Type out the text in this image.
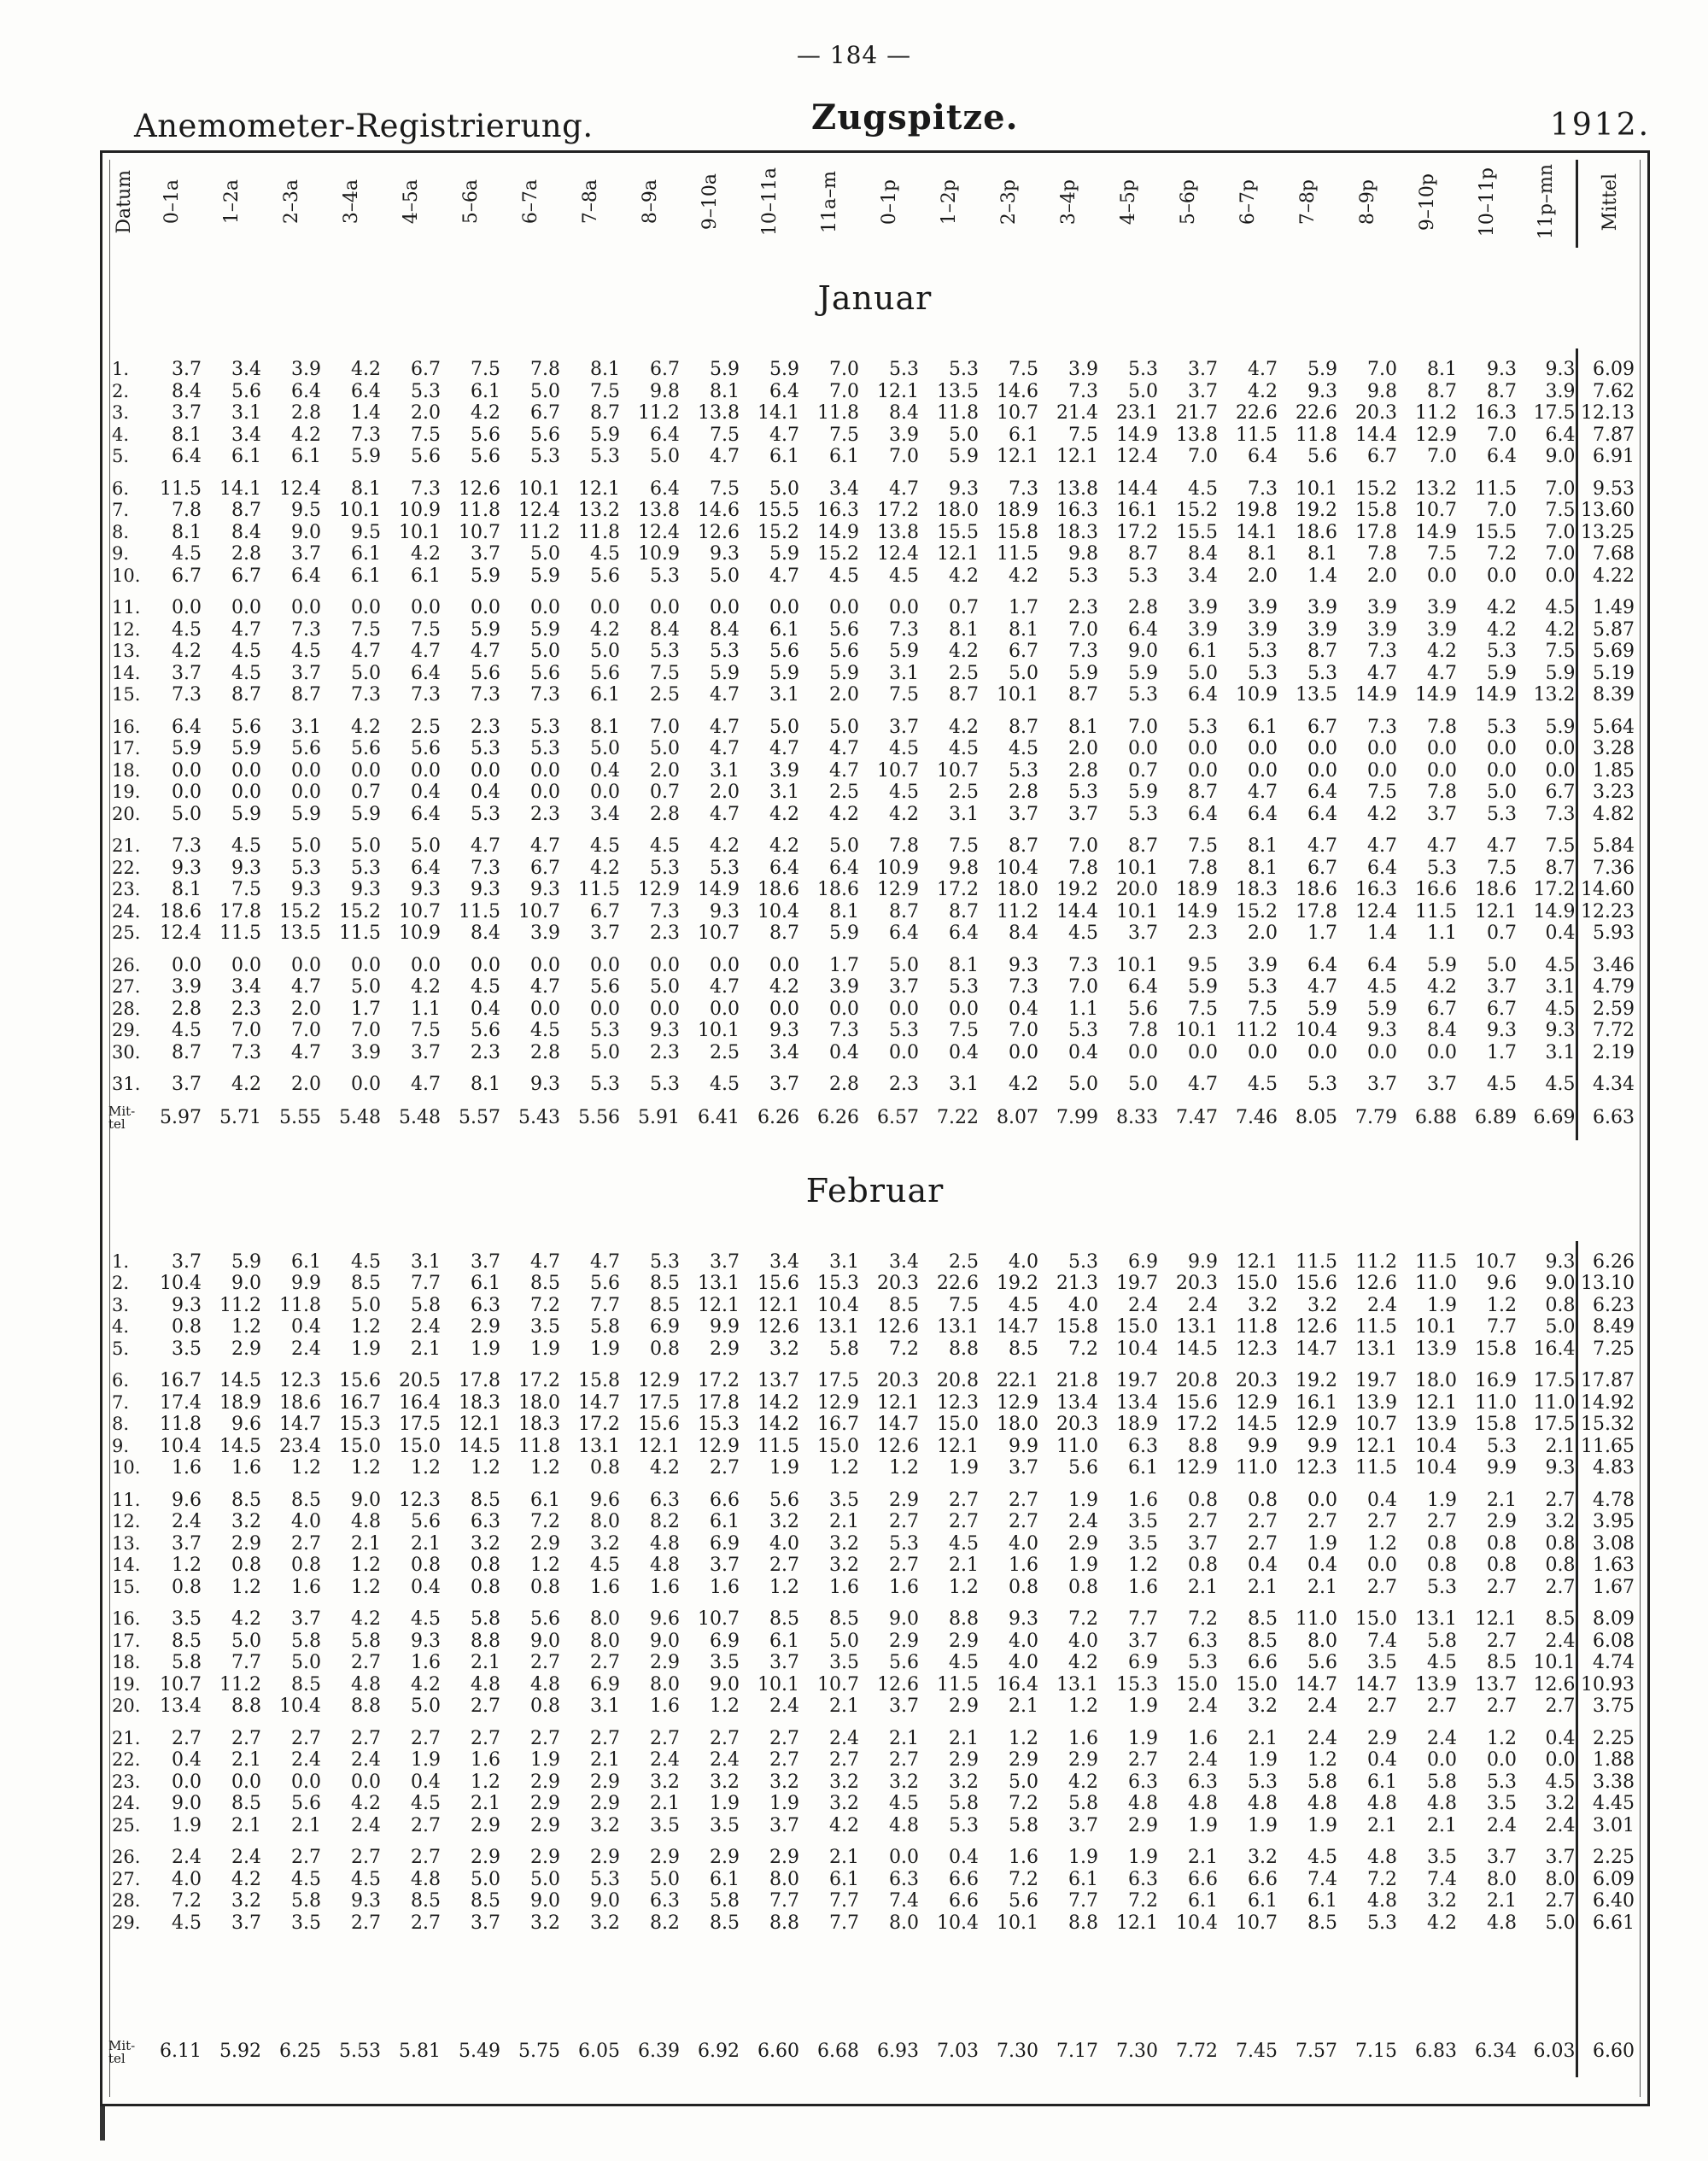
— 184 —
Anemometer-Registrierung.	Zugspitze.	1912.
Datum	0–1a	1–2a	2–3a	3–4a	4–5a	5–6a	6–7a	7–8a	8–9a	9–10a	10–11a	11a–m	0–1p	1–2p	2–3p	3–4p	4–5p	5–6p	6–7p	7–8p	8–9p	9–10p	10–11p	11p–mn	Mittel
Januar																									

1.	3.7	3.4	3.9	4.2	6.7	7.5	7.8	8.1	6.7	5.9	5.9	7.0	5.3	5.3	7.5	3.9	5.3	3.7	4.7	5.9	7.0	8.1	9.3	9.3	6.09
2.	8.4	5.6	6.4	6.4	5.3	6.1	5.0	7.5	9.8	8.1	6.4	7.0	12.1	13.5	14.6	7.3	5.0	3.7	4.2	9.3	9.8	8.7	8.7	3.9	7.62
3.	3.7	3.1	2.8	1.4	2.0	4.2	6.7	8.7	11.2	13.8	14.1	11.8	8.4	11.8	10.7	21.4	23.1	21.7	22.6	22.6	20.3	11.2	16.3	17.5	12.13
4.	8.1	3.4	4.2	7.3	7.5	5.6	5.6	5.9	6.4	7.5	4.7	7.5	3.9	5.0	6.1	7.5	14.9	13.8	11.5	11.8	14.4	12.9	7.0	6.4	7.87
5.	6.4	6.1	6.1	5.9	5.6	5.6	5.3	5.3	5.0	4.7	6.1	6.1	7.0	5.9	12.1	12.1	12.4	7.0	6.4	5.6	6.7	7.0	6.4	9.0	6.91
6.	11.5	14.1	12.4	8.1	7.3	12.6	10.1	12.1	6.4	7.5	5.0	3.4	4.7	9.3	7.3	13.8	14.4	4.5	7.3	10.1	15.2	13.2	11.5	7.0	9.53
7.	7.8	8.7	9.5	10.1	10.9	11.8	12.4	13.2	13.8	14.6	15.5	16.3	17.2	18.0	18.9	16.3	16.1	15.2	19.8	19.2	15.8	10.7	7.0	7.5	13.60
8.	8.1	8.4	9.0	9.5	10.1	10.7	11.2	11.8	12.4	12.6	15.2	14.9	13.8	15.5	15.8	18.3	17.2	15.5	14.1	18.6	17.8	14.9	15.5	7.0	13.25
9.	4.5	2.8	3.7	6.1	4.2	3.7	5.0	4.5	10.9	9.3	5.9	15.2	12.4	12.1	11.5	9.8	8.7	8.4	8.1	8.1	7.8	7.5	7.2	7.0	7.68
10.	6.7	6.7	6.4	6.1	6.1	5.9	5.9	5.6	5.3	5.0	4.7	4.5	4.5	4.2	4.2	5.3	5.3	3.4	2.0	1.4	2.0	0.0	0.0	0.0	4.22
11.	0.0	0.0	0.0	0.0	0.0	0.0	0.0	0.0	0.0	0.0	0.0	0.0	0.0	0.7	1.7	2.3	2.8	3.9	3.9	3.9	3.9	3.9	4.2	4.5	1.49
12.	4.5	4.7	7.3	7.5	7.5	5.9	5.9	4.2	8.4	8.4	6.1	5.6	7.3	8.1	8.1	7.0	6.4	3.9	3.9	3.9	3.9	3.9	4.2	4.2	5.87
13.	4.2	4.5	4.5	4.7	4.7	4.7	5.0	5.0	5.3	5.3	5.6	5.6	5.9	4.2	6.7	7.3	9.0	6.1	5.3	8.7	7.3	4.2	5.3	7.5	5.69
14.	3.7	4.5	3.7	5.0	6.4	5.6	5.6	5.6	7.5	5.9	5.9	5.9	3.1	2.5	5.0	5.9	5.9	5.0	5.3	5.3	4.7	4.7	5.9	5.9	5.19
15.	7.3	8.7	8.7	7.3	7.3	7.3	7.3	6.1	2.5	4.7	3.1	2.0	7.5	8.7	10.1	8.7	5.3	6.4	10.9	13.5	14.9	14.9	14.9	13.2	8.39
16.	6.4	5.6	3.1	4.2	2.5	2.3	5.3	8.1	7.0	4.7	5.0	5.0	3.7	4.2	8.7	8.1	7.0	5.3	6.1	6.7	7.3	7.8	5.3	5.9	5.64
17.	5.9	5.9	5.6	5.6	5.6	5.3	5.3	5.0	5.0	4.7	4.7	4.7	4.5	4.5	4.5	2.0	0.0	0.0	0.0	0.0	0.0	0.0	0.0	0.0	3.28
18.	0.0	0.0	0.0	0.0	0.0	0.0	0.0	0.4	2.0	3.1	3.9	4.7	10.7	10.7	5.3	2.8	0.7	0.0	0.0	0.0	0.0	0.0	0.0	0.0	1.85
19.	0.0	0.0	0.0	0.7	0.4	0.4	0.0	0.0	0.7	2.0	3.1	2.5	4.5	2.5	2.8	5.3	5.9	8.7	4.7	6.4	7.5	7.8	5.0	6.7	3.23
20.	5.0	5.9	5.9	5.9	6.4	5.3	2.3	3.4	2.8	4.7	4.2	4.2	4.2	3.1	3.7	3.7	5.3	6.4	6.4	6.4	4.2	3.7	5.3	7.3	4.82
21.	7.3	4.5	5.0	5.0	5.0	4.7	4.7	4.5	4.5	4.2	4.2	5.0	7.8	7.5	8.7	7.0	8.7	7.5	8.1	4.7	4.7	4.7	4.7	7.5	5.84
22.	9.3	9.3	5.3	5.3	6.4	7.3	6.7	4.2	5.3	5.3	6.4	6.4	10.9	9.8	10.4	7.8	10.1	7.8	8.1	6.7	6.4	5.3	7.5	8.7	7.36
23.	8.1	7.5	9.3	9.3	9.3	9.3	9.3	11.5	12.9	14.9	18.6	18.6	12.9	17.2	18.0	19.2	20.0	18.9	18.3	18.6	16.3	16.6	18.6	17.2	14.60
24.	18.6	17.8	15.2	15.2	10.7	11.5	10.7	6.7	7.3	9.3	10.4	8.1	8.7	8.7	11.2	14.4	10.1	14.9	15.2	17.8	12.4	11.5	12.1	14.9	12.23
25.	12.4	11.5	13.5	11.5	10.9	8.4	3.9	3.7	2.3	10.7	8.7	5.9	6.4	6.4	8.4	4.5	3.7	2.3	2.0	1.7	1.4	1.1	0.7	0.4	5.93
26.	0.0	0.0	0.0	0.0	0.0	0.0	0.0	0.0	0.0	0.0	0.0	1.7	5.0	8.1	9.3	7.3	10.1	9.5	3.9	6.4	6.4	5.9	5.0	4.5	3.46
27.	3.9	3.4	4.7	5.0	4.2	4.5	4.7	5.6	5.0	4.7	4.2	3.9	3.7	5.3	7.3	7.0	6.4	5.9	5.3	4.7	4.5	4.2	3.7	3.1	4.79
28.	2.8	2.3	2.0	1.7	1.1	0.4	0.0	0.0	0.0	0.0	0.0	0.0	0.0	0.0	0.4	1.1	5.6	7.5	7.5	5.9	5.9	6.7	6.7	4.5	2.59
29.	4.5	7.0	7.0	7.0	7.5	5.6	4.5	5.3	9.3	10.1	9.3	7.3	5.3	7.5	7.0	5.3	7.8	10.1	11.2	10.4	9.3	8.4	9.3	9.3	7.72
30.	8.7	7.3	4.7	3.9	3.7	2.3	2.8	5.0	2.3	2.5	3.4	0.4	0.0	0.4	0.0	0.4	0.0	0.0	0.0	0.0	0.0	0.0	1.7	3.1	2.19
31.	3.7	4.2	2.0	0.0	4.7	8.1	9.3	5.3	5.3	4.5	3.7	2.8	2.3	3.1	4.2	5.0	5.0	4.7	4.5	5.3	3.7	3.7	4.5	4.5	4.34
Mit-tel	5.97	5.71	5.55	5.48	5.48	5.57	5.43	5.56	5.91	6.41	6.26	6.26	6.57	7.22	8.07	7.99	8.33	7.47	7.46	8.05	7.79	6.88	6.89	6.69	6.63
Februar																									

1.	3.7	5.9	6.1	4.5	3.1	3.7	4.7	4.7	5.3	3.7	3.4	3.1	3.4	2.5	4.0	5.3	6.9	9.9	12.1	11.5	11.2	11.5	10.7	9.3	6.26
2.	10.4	9.0	9.9	8.5	7.7	6.1	8.5	5.6	8.5	13.1	15.6	15.3	20.3	22.6	19.2	21.3	19.7	20.3	15.0	15.6	12.6	11.0	9.6	9.0	13.10
3.	9.3	11.2	11.8	5.0	5.8	6.3	7.2	7.7	8.5	12.1	12.1	10.4	8.5	7.5	4.5	4.0	2.4	2.4	3.2	3.2	2.4	1.9	1.2	0.8	6.23
4.	0.8	1.2	0.4	1.2	2.4	2.9	3.5	5.8	6.9	9.9	12.6	13.1	12.6	13.1	14.7	15.8	15.0	13.1	11.8	12.6	11.5	10.1	7.7	5.0	8.49
5.	3.5	2.9	2.4	1.9	2.1	1.9	1.9	1.9	0.8	2.9	3.2	5.8	7.2	8.8	8.5	7.2	10.4	14.5	12.3	14.7	13.1	13.9	15.8	16.4	7.25
6.	16.7	14.5	12.3	15.6	20.5	17.8	17.2	15.8	12.9	17.2	13.7	17.5	20.3	20.8	22.1	21.8	19.7	20.8	20.3	19.2	19.7	18.0	16.9	17.5	17.87
7.	17.4	18.9	18.6	16.7	16.4	18.3	18.0	14.7	17.5	17.8	14.2	12.9	12.1	12.3	12.9	13.4	13.4	15.6	12.9	16.1	13.9	12.1	11.0	11.0	14.92
8.	11.8	9.6	14.7	15.3	17.5	12.1	18.3	17.2	15.6	15.3	14.2	16.7	14.7	15.0	18.0	20.3	18.9	17.2	14.5	12.9	10.7	13.9	15.8	17.5	15.32
9.	10.4	14.5	23.4	15.0	15.0	14.5	11.8	13.1	12.1	12.9	11.5	15.0	12.6	12.1	9.9	11.0	6.3	8.8	9.9	9.9	12.1	10.4	5.3	2.1	11.65
10.	1.6	1.6	1.2	1.2	1.2	1.2	1.2	0.8	4.2	2.7	1.9	1.2	1.2	1.9	3.7	5.6	6.1	12.9	11.0	12.3	11.5	10.4	9.9	9.3	4.83
11.	9.6	8.5	8.5	9.0	12.3	8.5	6.1	9.6	6.3	6.6	5.6	3.5	2.9	2.7	2.7	1.9	1.6	0.8	0.8	0.0	0.4	1.9	2.1	2.7	4.78
12.	2.4	3.2	4.0	4.8	5.6	6.3	7.2	8.0	8.2	6.1	3.2	2.1	2.7	2.7	2.7	2.4	3.5	2.7	2.7	2.7	2.7	2.7	2.9	3.2	3.95
13.	3.7	2.9	2.7	2.1	2.1	3.2	2.9	3.2	4.8	6.9	4.0	3.2	5.3	4.5	4.0	2.9	3.5	3.7	2.7	1.9	1.2	0.8	0.8	0.8	3.08
14.	1.2	0.8	0.8	1.2	0.8	0.8	1.2	4.5	4.8	3.7	2.7	3.2	2.7	2.1	1.6	1.9	1.2	0.8	0.4	0.4	0.0	0.8	0.8	0.8	1.63
15.	0.8	1.2	1.6	1.2	0.4	0.8	0.8	1.6	1.6	1.6	1.2	1.6	1.6	1.2	0.8	0.8	1.6	2.1	2.1	2.1	2.7	5.3	2.7	2.7	1.67
16.	3.5	4.2	3.7	4.2	4.5	5.8	5.6	8.0	9.6	10.7	8.5	8.5	9.0	8.8	9.3	7.2	7.7	7.2	8.5	11.0	15.0	13.1	12.1	8.5	8.09
17.	8.5	5.0	5.8	5.8	9.3	8.8	9.0	8.0	9.0	6.9	6.1	5.0	2.9	2.9	4.0	4.0	3.7	6.3	8.5	8.0	7.4	5.8	2.7	2.4	6.08
18.	5.8	7.7	5.0	2.7	1.6	2.1	2.7	2.7	2.9	3.5	3.7	3.5	5.6	4.5	4.0	4.2	6.9	5.3	6.6	5.6	3.5	4.5	8.5	10.1	4.74
19.	10.7	11.2	8.5	4.8	4.2	4.8	4.8	6.9	8.0	9.0	10.1	10.7	12.6	11.5	16.4	13.1	15.3	15.0	15.0	14.7	14.7	13.9	13.7	12.6	10.93
20.	13.4	8.8	10.4	8.8	5.0	2.7	0.8	3.1	1.6	1.2	2.4	2.1	3.7	2.9	2.1	1.2	1.9	2.4	3.2	2.4	2.7	2.7	2.7	2.7	3.75
21.	2.7	2.7	2.7	2.7	2.7	2.7	2.7	2.7	2.7	2.7	2.7	2.4	2.1	2.1	1.2	1.6	1.9	1.6	2.1	2.4	2.9	2.4	1.2	0.4	2.25
22.	0.4	2.1	2.4	2.4	1.9	1.6	1.9	2.1	2.4	2.4	2.7	2.7	2.7	2.9	2.9	2.9	2.7	2.4	1.9	1.2	0.4	0.0	0.0	0.0	1.88
23.	0.0	0.0	0.0	0.0	0.4	1.2	2.9	2.9	3.2	3.2	3.2	3.2	3.2	3.2	5.0	4.2	6.3	6.3	5.3	5.8	6.1	5.8	5.3	4.5	3.38
24.	9.0	8.5	5.6	4.2	4.5	2.1	2.9	2.9	2.1	1.9	1.9	3.2	4.5	5.8	7.2	5.8	4.8	4.8	4.8	4.8	4.8	4.8	3.5	3.2	4.45
25.	1.9	2.1	2.1	2.4	2.7	2.9	2.9	3.2	3.5	3.5	3.7	4.2	4.8	5.3	5.8	3.7	2.9	1.9	1.9	1.9	2.1	2.1	2.4	2.4	3.01
26.	2.4	2.4	2.7	2.7	2.7	2.9	2.9	2.9	2.9	2.9	2.9	2.1	0.0	0.4	1.6	1.9	1.9	2.1	3.2	4.5	4.8	3.5	3.7	3.7	2.25
27.	4.0	4.2	4.5	4.5	4.8	5.0	5.0	5.3	5.0	6.1	8.0	6.1	6.3	6.6	7.2	6.1	6.3	6.6	6.6	7.4	7.2	7.4	8.0	8.0	6.09
28.	7.2	3.2	5.8	9.3	8.5	8.5	9.0	9.0	6.3	5.8	7.7	7.7	7.4	6.6	5.6	7.7	7.2	6.1	6.1	6.1	4.8	3.2	2.1	2.7	6.40
29.	4.5	3.7	3.5	2.7	2.7	3.7	3.2	3.2	8.2	8.5	8.8	7.7	8.0	10.4	10.1	8.8	12.1	10.4	10.7	8.5	5.3	4.2	4.8	5.0	6.61
Mit-tel	6.11	5.92	6.25	5.53	5.81	5.49	5.75	6.05	6.39	6.92	6.60	6.68	6.93	7.03	7.30	7.17	7.30	7.72	7.45	7.57	7.15	6.83	6.34	6.03	6.60
